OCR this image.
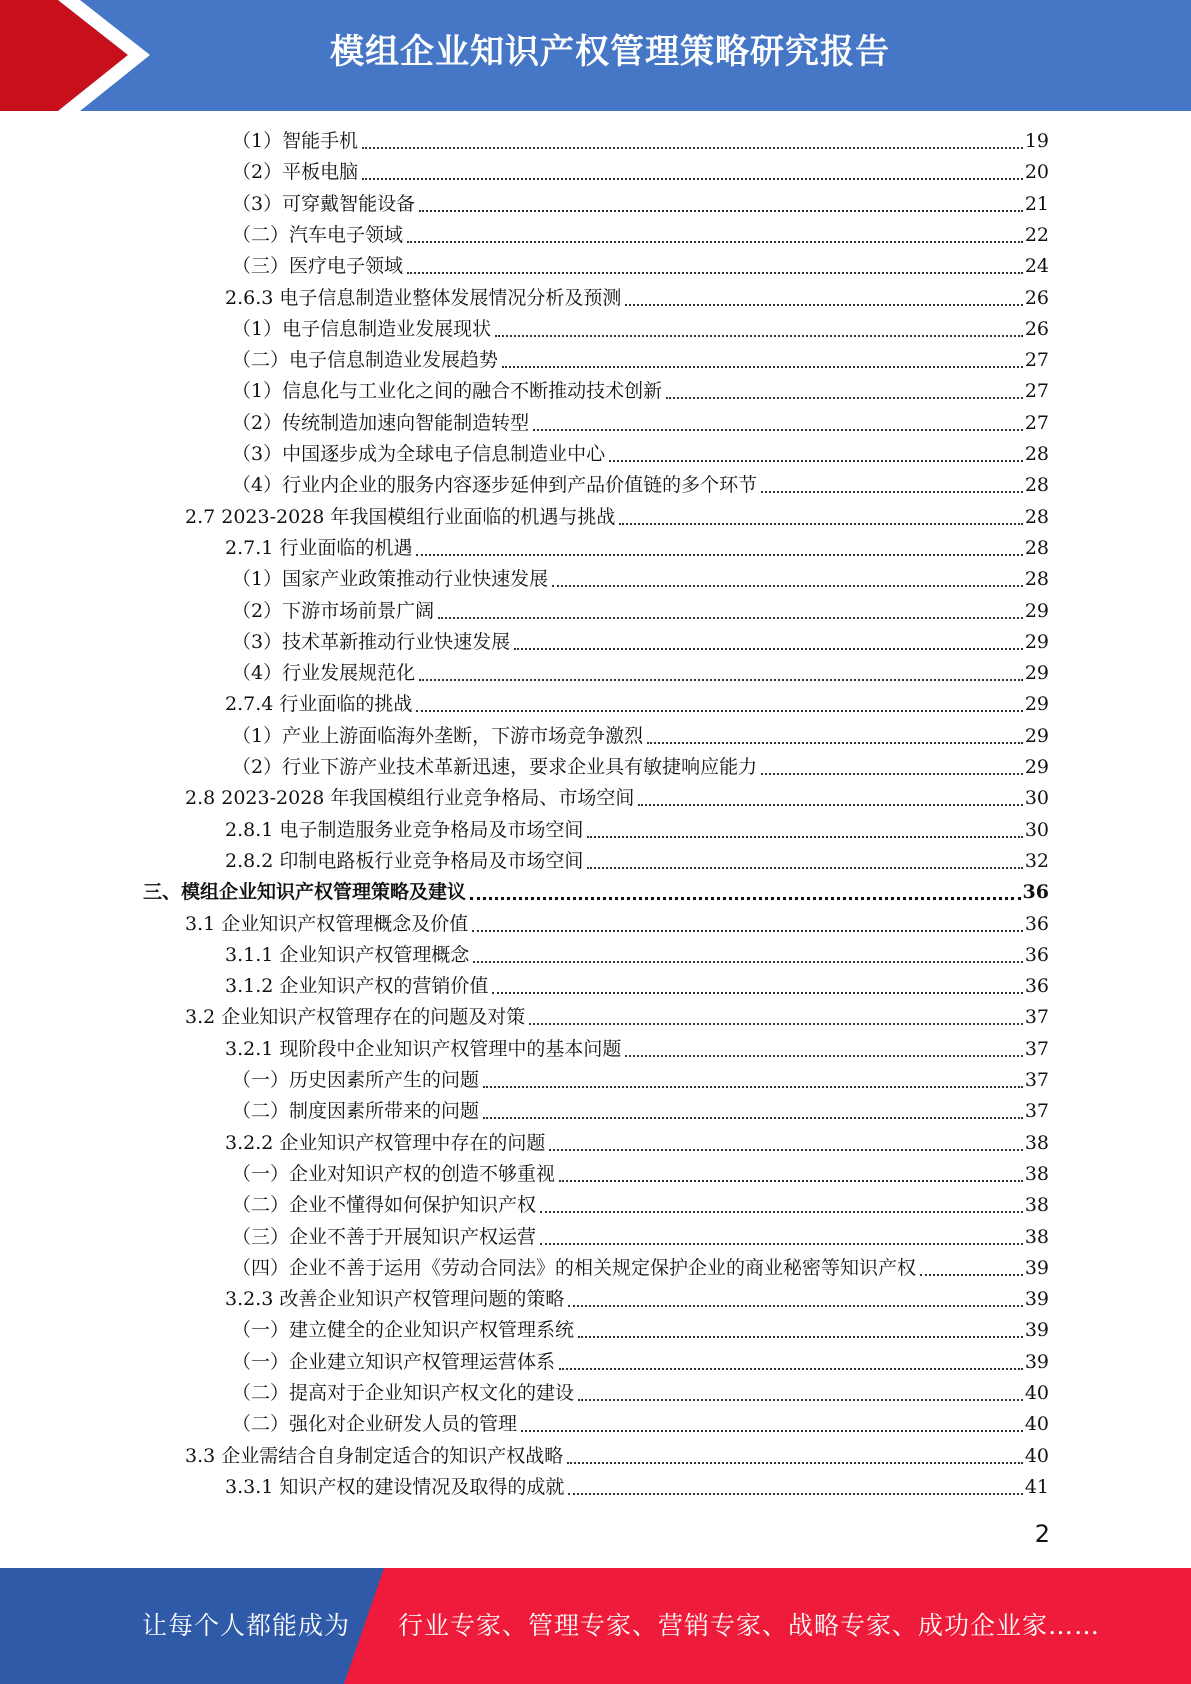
模组企业知识产权管理策略研究报告
（1）智能手机	19
（2）平板电脑	20
（3）可穿戴智能设备	21
（二）汽车电子领域	22
（三）医疗电子领域	24
2.6.3 电子信息制造业整体发展情况分析及预测	26
（1）电子信息制造业发展现状	26
（二）电子信息制造业发展趋势	27
（1）信息化与工业化之间的融合不断推动技术创新	27
（2）传统制造加速向智能制造转型	27
（3）中国逐步成为全球电子信息制造业中心	28
（4）行业内企业的服务内容逐步延伸到产品价值链的多个环节	28
2.7 2023-2028 年我国模组行业面临的机遇与挑战	28
2.7.1 行业面临的机遇	28
（1）国家产业政策推动行业快速发展	28
（2）下游市场前景广阔	29
（3）技术革新推动行业快速发展	29
（4）行业发展规范化	29
2.7.4 行业面临的挑战	29
（1）产业上游面临海外垄断，下游市场竞争激烈	29
（2）行业下游产业技术革新迅速，要求企业具有敏捷响应能力	29
2.8 2023-2028 年我国模组行业竞争格局、市场空间	30
2.8.1 电子制造服务业竞争格局及市场空间	30
2.8.2 印制电路板行业竞争格局及市场空间	32
三、模组企业知识产权管理策略及建议	36
3.1 企业知识产权管理概念及价值	36
3.1.1 企业知识产权管理概念	36
3.1.2 企业知识产权的营销价值	36
3.2 企业知识产权管理存在的问题及对策	37
3.2.1 现阶段中企业知识产权管理中的基本问题	37
（一）历史因素所产生的问题	37
（二）制度因素所带来的问题	37
3.2.2 企业知识产权管理中存在的问题	38
（一）企业对知识产权的创造不够重视	38
（二）企业不懂得如何保护知识产权	38
（三）企业不善于开展知识产权运营	38
（四）企业不善于运用《劳动合同法》的相关规定保护企业的商业秘密等知识产权	39
3.2.3 改善企业知识产权管理问题的策略	39
（一）建立健全的企业知识产权管理系统	39
（一）企业建立知识产权管理运营体系	39
（二）提高对于企业知识产权文化的建设	40
（二）强化对企业研发人员的管理	40
3.3 企业需结合自身制定适合的知识产权战略	40
3.3.1 知识产权的建设情况及取得的成就	41
2
让每个人都能成为 行业专家、管理专家、营销专家、战略专家、成功企业家……
